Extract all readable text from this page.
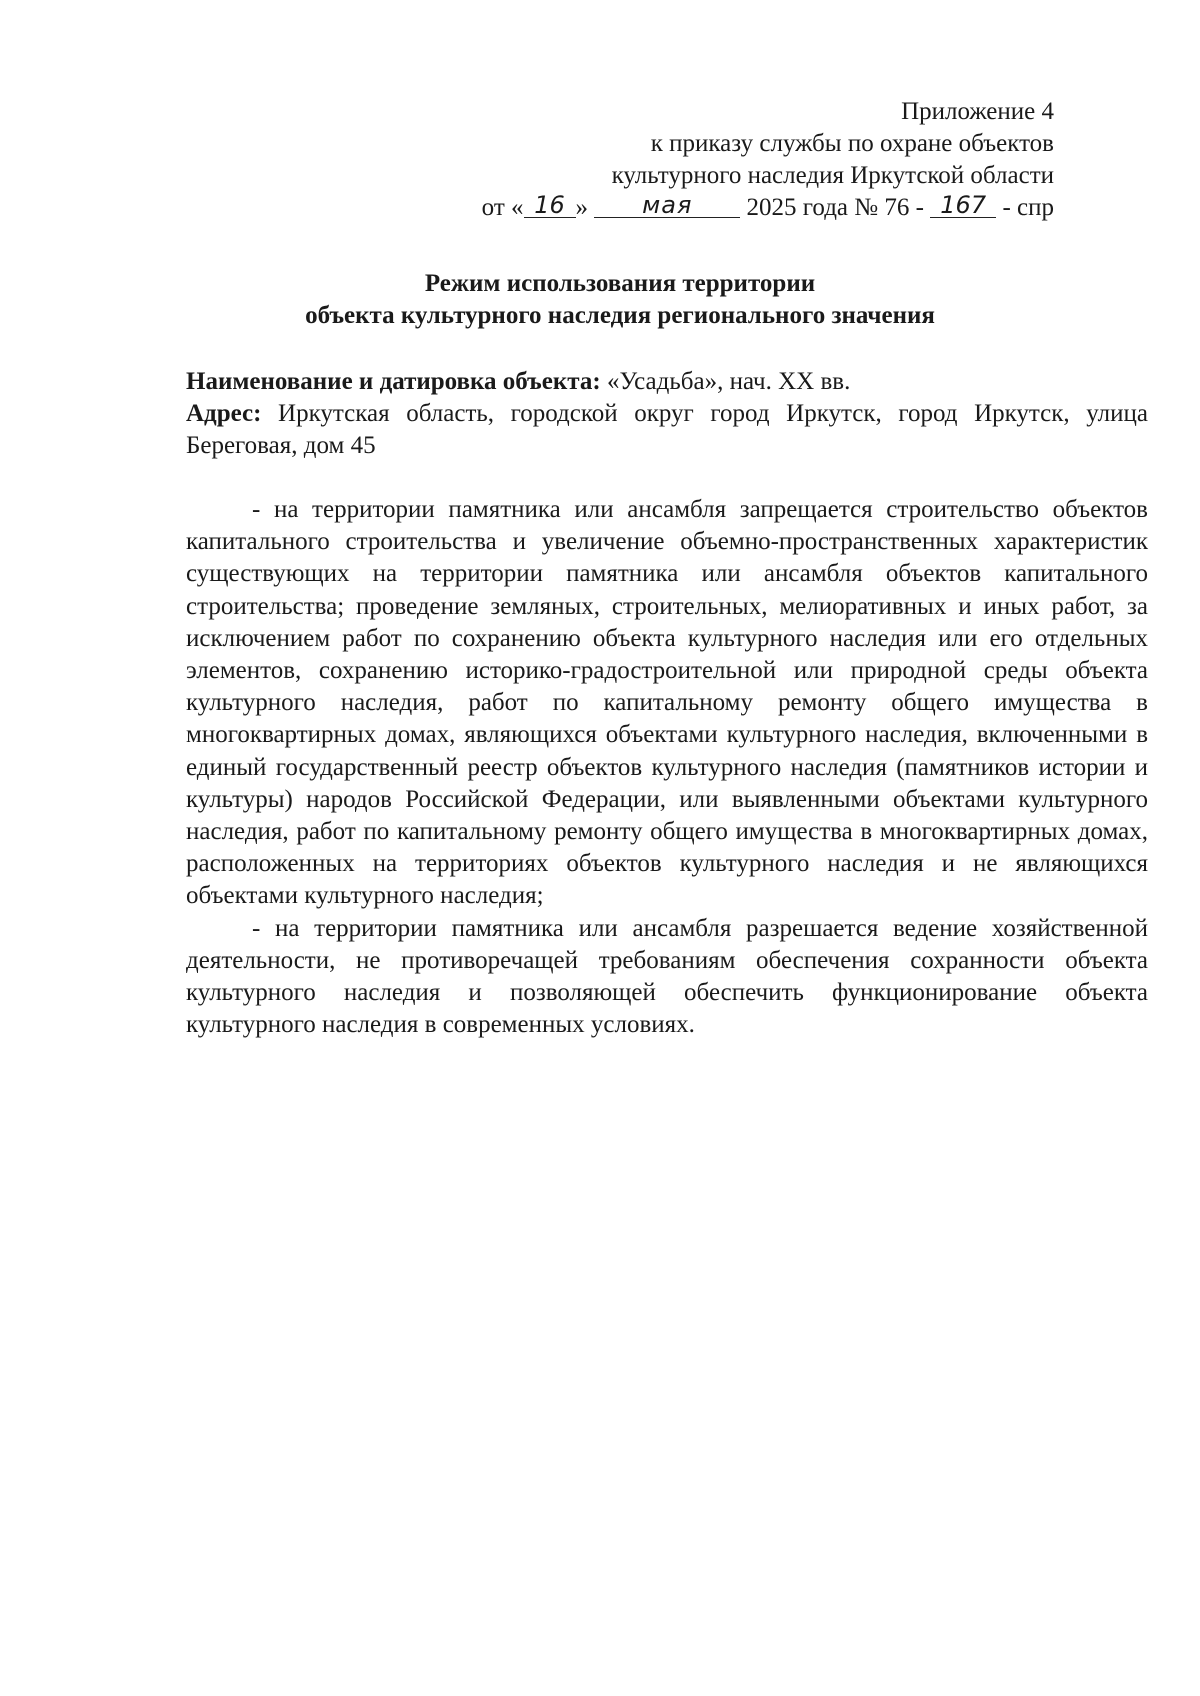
Приложение 4
к приказу службы по охране объектов
культурного наследия Иркутской области
от « 16 » мая 2025 года № 76 - 167 - спр
Режим использования территории
объекта культурного наследия регионального значения
Наименование и датировка объекта: «Усадьба», нач. XX вв.
Адрес: Иркутская область, городской округ город Иркутск, город Иркутск, улица Береговая, дом 45

- на территории памятника или ансамбля запрещается строительство объектов капитального строительства и увеличение объемно-пространственных характеристик существующих на территории памятника или ансамбля объектов капитального строительства; проведение земляных, строительных, мелиоративных и иных работ, за исключением работ по сохранению объекта культурного наследия или его отдельных элементов, сохранению историко-градостроительной или природной среды объекта культурного наследия, работ по капитальному ремонту общего имущества в многоквартирных домах, являющихся объектами культурного наследия, включенными в единый государственный реестр объектов культурного наследия (памятников истории и культуры) народов Российской Федерации, или выявленными объектами культурного наследия, работ по капитальному ремонту общего имущества в многоквартирных домах, расположенных на территориях объектов культурного наследия и не являющихся объектами культурного наследия;

- на территории памятника или ансамбля разрешается ведение хозяйственной деятельности, не противоречащей требованиям обеспечения сохранности объекта культурного наследия и позволяющей обеспечить функционирование объекта культурного наследия в современных условиях.
